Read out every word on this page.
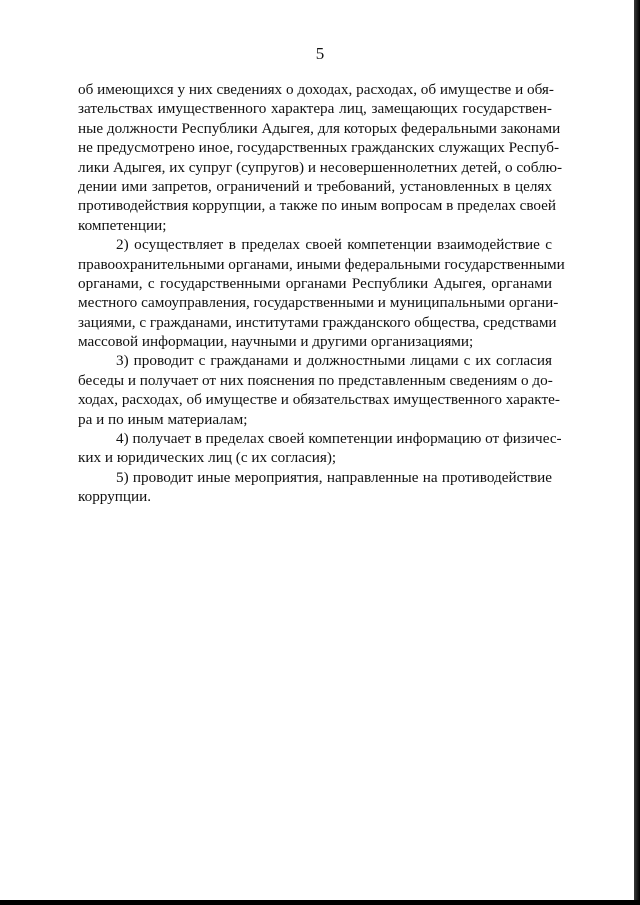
5

об имеющихся у них сведениях о доходах, расходах, об имуществе и обя-
зательствах имущественного характера лиц, замещающих государствен-
ные должности Республики Адыгея, для которых федеральными законами
не предусмотрено иное, государственных гражданских служащих Респуб-
лики Адыгея, их супруг (супругов) и несовершеннолетних детей, о соблю-
дении ими запретов, ограничений и требований, установленных в целях
противодействия коррупции, а также по иным вопросам в пределах своей
компетенции;

2) осуществляет в пределах своей компетенции взаимодействие с
правоохранительными органами, иными федеральными государственными
органами, с государственными органами Республики Адыгея, органами
местного самоуправления, государственными и муниципальными органи-
зациями, с гражданами, институтами гражданского общества, средствами
массовой информации, научными и другими организациями;

3) проводит с гражданами и должностными лицами с их согласия
беседы и получает от них пояснения по представленным сведениям о до-
ходах, расходах, об имуществе и обязательствах имущественного характе-
ра и по иным материалам;

4) получает в пределах своей компетенции информацию от физичес-
ких и юридических лиц (с их согласия);

5) проводит иные мероприятия, направленные на противодействие
коррупции.
